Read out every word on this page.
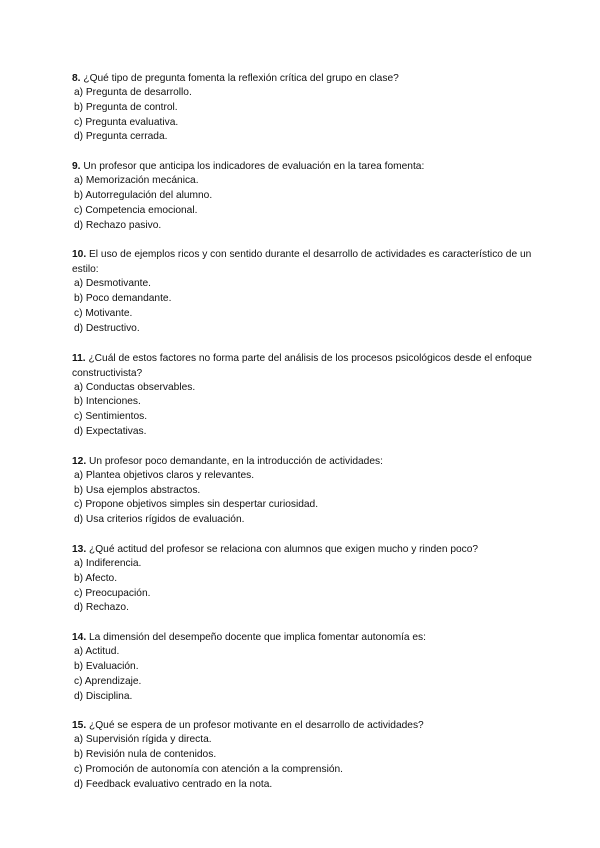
8. ¿Qué tipo de pregunta fomenta la reflexión crítica del grupo en clase?

a) Pregunta de desarrollo.
b) Pregunta de control.
c) Pregunta evaluativa.
d) Pregunta cerrada.

9. Un profesor que anticipa los indicadores de evaluación en la tarea fomenta:

a) Memorización mecánica.
b) Autorregulación del alumno.
c) Competencia emocional.
d) Rechazo pasivo.

10. El uso de ejemplos ricos y con sentido durante el desarrollo de actividades es característico de un estilo:

a) Desmotivante.
b) Poco demandante.
c) Motivante.
d) Destructivo.

11. ¿Cuál de estos factores no forma parte del análisis de los procesos psicológicos desde el enfoque constructivista?

a) Conductas observables.
b) Intenciones.
c) Sentimientos.
d) Expectativas.

12. Un profesor poco demandante, en la introducción de actividades:

a) Plantea objetivos claros y relevantes.
b) Usa ejemplos abstractos.
c) Propone objetivos simples sin despertar curiosidad.
d) Usa criterios rígidos de evaluación.

13. ¿Qué actitud del profesor se relaciona con alumnos que exigen mucho y rinden poco?

a) Indiferencia.
b) Afecto.
c) Preocupación.
d) Rechazo.

14. La dimensión del desempeño docente que implica fomentar autonomía es:

a) Actitud.
b) Evaluación.
c) Aprendizaje.
d) Disciplina.

15. ¿Qué se espera de un profesor motivante en el desarrollo de actividades?

a) Supervisión rígida y directa.
b) Revisión nula de contenidos.
c) Promoción de autonomía con atención a la comprensión.
d) Feedback evaluativo centrado en la nota.
